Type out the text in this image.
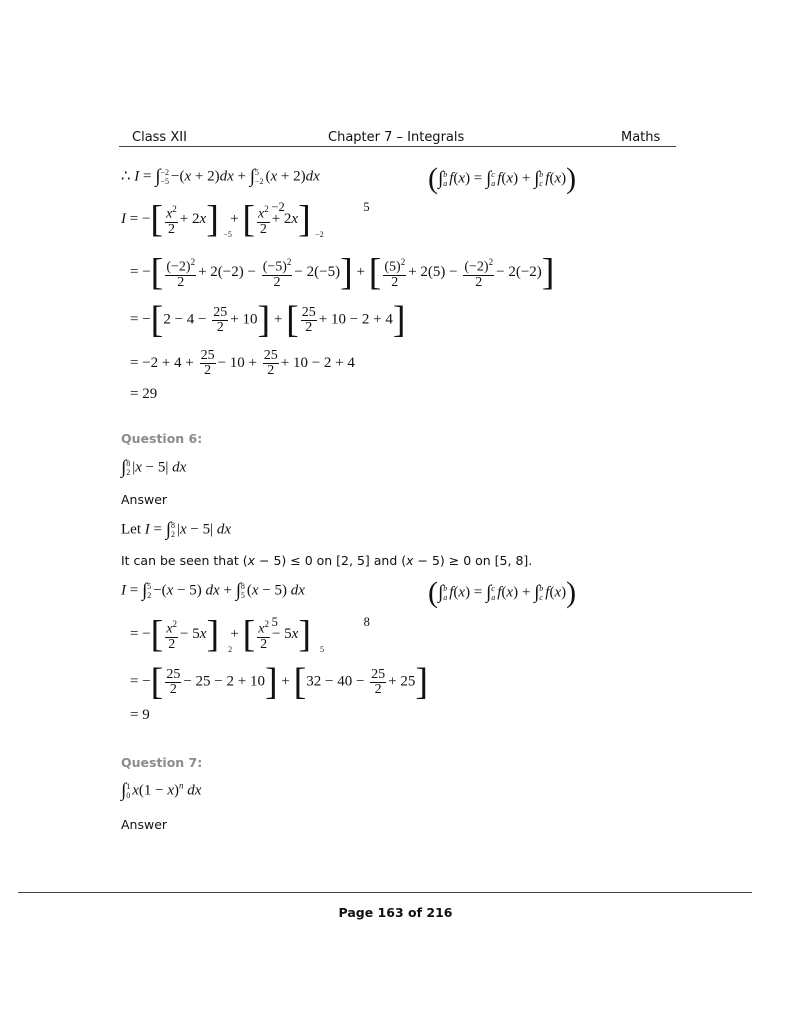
Class XII	Chapter 7 – Integrals	Maths
∴ I = ∫ −2
−5 −(x + 2)dx + ∫ 5
−2 (x + 2)dx	(∫ b
a f(x) = ∫ c
a f(x) + ∫ b
c f(x))
I = −[ $\frac{x^2}{2} + 2x$]	−2
−5
+ [ $\frac{x^2}{2} + 2x$]	5
−2
= −[ $\frac{(-2)^2}{2} + 2(-2) - \frac{(-5)^2}{2} - 2(-5)$] + [ $\frac{(5)^2}{2} + 2(5) - \frac{(-2)^2}{2} - 2(-2)$]
= $-[2 - 4 - \frac{25}{2} + 10]$ + [ $\frac{25}{2} + 10 - 2 + 4$]
= $-2 + 4 + \frac{25}{2} - 10 + \frac{25}{2} + 10 - 2 + 4$
= 29
Question 6:
∫ 8
2 |x − 5| dx
Answer
Let I = ∫ 8
2 |x − 5| dx
It can be seen that (x − 5) ≤ 0 on [2, 5] and (x − 5) ≥ 0 on [5, 8].
I = ∫ 5
2 −(x − 5) dx + ∫ 8
5 (x − 5) dx	(∫ b
a f(x) = ∫ c
a f(x) + ∫ b
c f(x))
= −[ $\frac{x^2}{2} - 5x$]	5
2
+ [ $\frac{x^2}{2} - 5x$]	8
5
= −[ $\frac{25}{2} - 25 - 2 + 10] + [32 - 40 - \frac{25}{2} + 25]$
= 9
Question 7:
∫ 1
0 $x(1 - x)^n$ dx
Answer
Page 163 of 216
